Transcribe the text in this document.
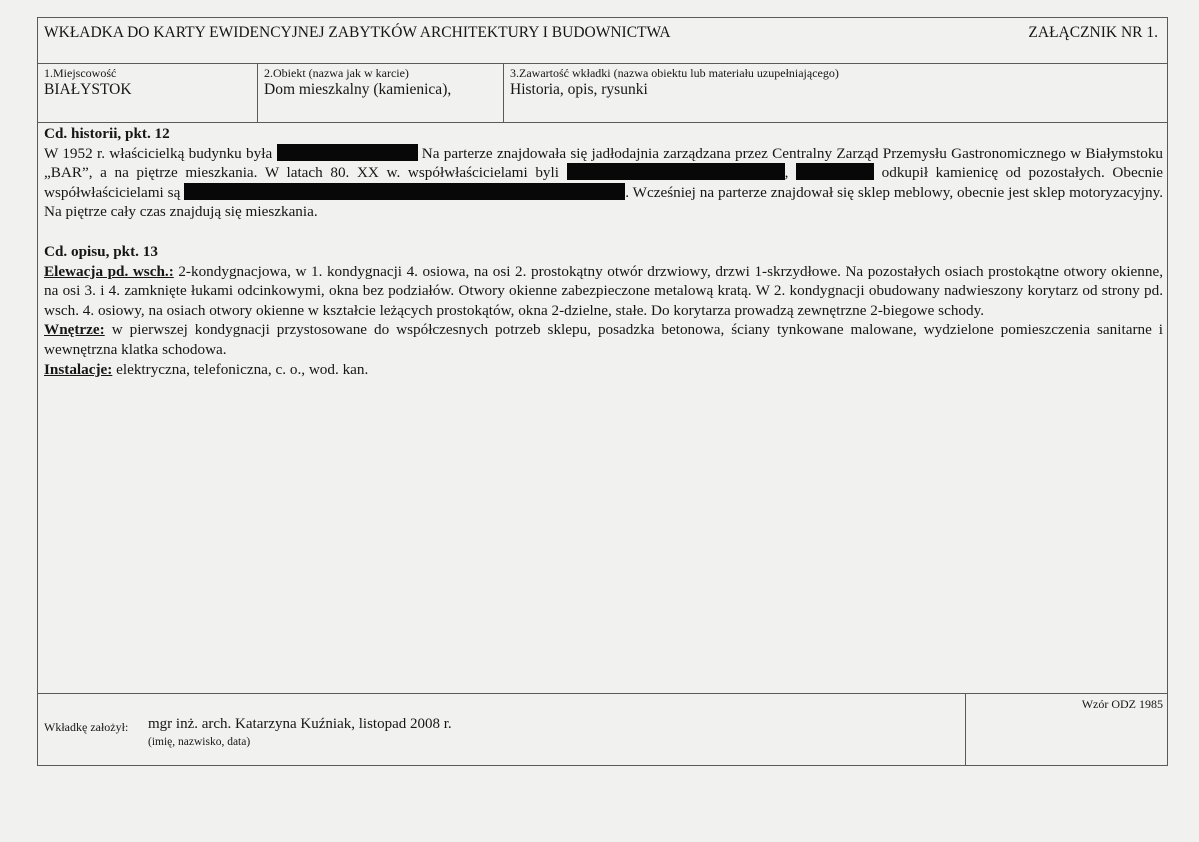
WKŁADKA DO KARTY EWIDENCYJNEJ ZABYTKÓW ARCHITEKTURY I BUDOWNICTWA	ZAŁĄCZNIK NR 1.
1.Miejscowość
BIAŁYSTOK
2.Obiekt (nazwa jak w karcie)
Dom mieszkalny (kamienica),
3.Zawartość wkładki (nazwa obiektu lub materiału uzupełniającego)
Historia, opis, rysunki

Cd. historii, pkt. 12

W 1952 r. właścicielką budynku była	Na parterze znajdowała się jadłodajnia zarządzana przez Centralny Zarząd Przemysłu Gastronomicznego w Białymstoku „BAR”, a na piętrze mieszkania. W latach 80. XX w. współwłaścicielami byli	,	odkupił kamienicę od pozostałych. Obecnie współwłaścicielami są	. Wcześniej na parterze znajdował się sklep meblowy, obecnie jest sklep motoryzacyjny. Na piętrze cały czas znajdują się mieszkania.

Cd. opisu, pkt. 13

Elewacja pd. wsch.: 2-kondygnacjowa, w 1. kondygnacji 4. osiowa, na osi 2. prostokątny otwór drzwiowy, drzwi 1-skrzydłowe. Na pozostałych osiach prostokątne otwory okienne, na osi 3. i 4. zamknięte łukami odcinkowymi, okna bez podziałów. Otwory okienne zabezpieczone metalową kratą. W 2. kondygnacji obudowany nadwieszony korytarz od strony pd. wsch. 4. osiowy, na osiach otwory okienne w kształcie leżących prostokątów, okna 2-dzielne, stałe. Do korytarza prowadzą zewnętrzne 2-biegowe schody.

Wnętrze: w pierwszej kondygnacji przystosowane do współczesnych potrzeb sklepu, posadzka betonowa, ściany tynkowane malowane, wydzielone pomieszczenia sanitarne i wewnętrzna klatka schodowa.

Instalacje: elektryczna, telefoniczna, c. o., wod. kan.

Wkładkę założył: mgr inż. arch. Katarzyna Kuźniak, listopad 2008 r.
(imię, nazwisko, data)
Wzór ODZ 1985
